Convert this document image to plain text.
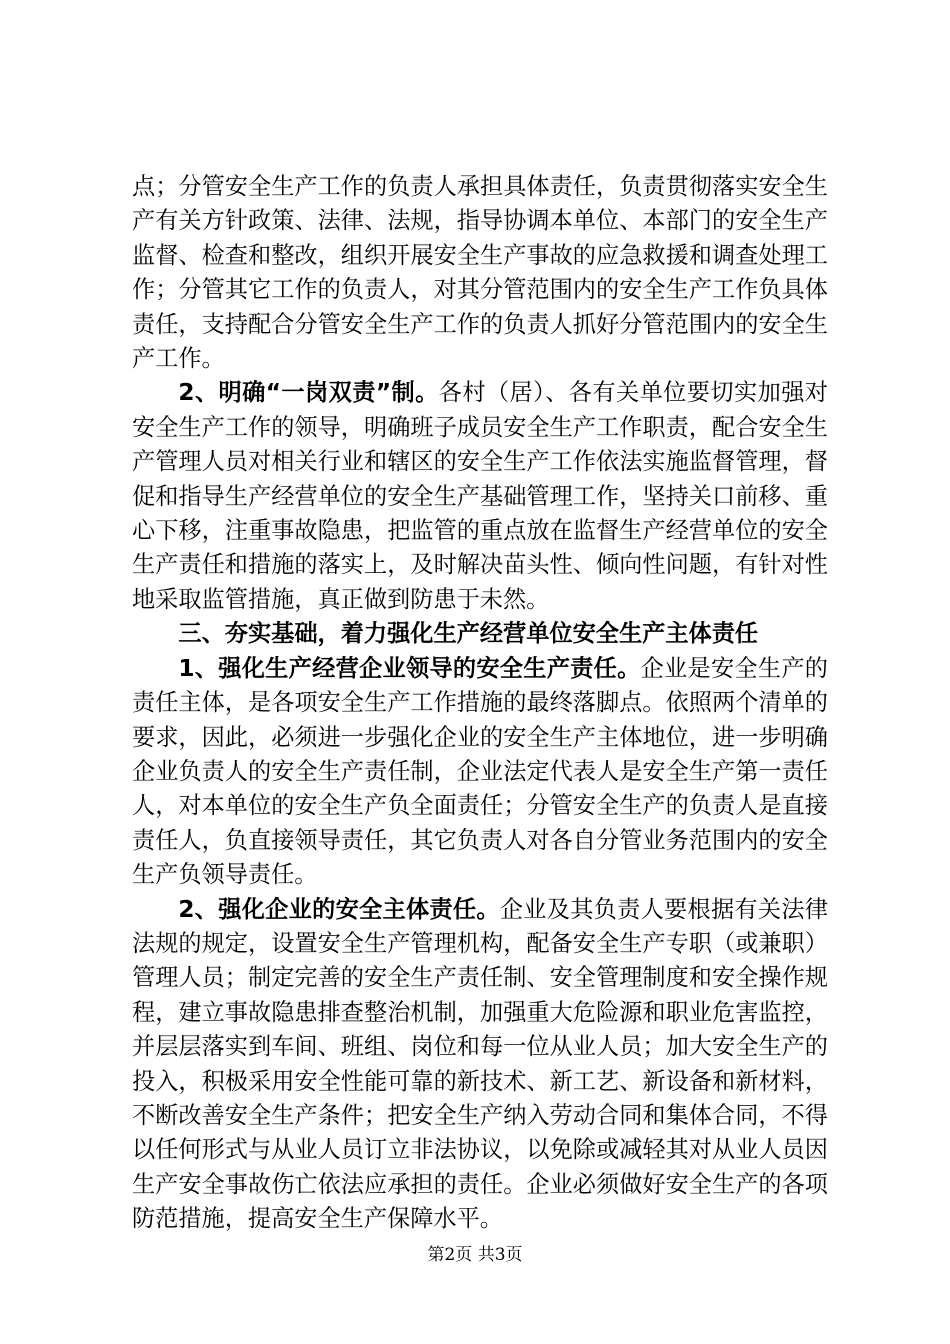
点；分管安全生产工作的负责人承担具体责任，负责贯彻落实安全生产有关方针政策、法律、法规，指导协调本单位、本部门的安全生产监督、检查和整改，组织开展安全生产事故的应急救援和调查处理工作；分管其它工作的负责人，对其分管范围内的安全生产工作负具体责任，支持配合分管安全生产工作的负责人抓好分管范围内的安全生产工作。

2、明确“一岗双责”制。各村（居）、各有关单位要切实加强对安全生产工作的领导，明确班子成员安全生产工作职责，配合安全生产管理人员对相关行业和辖区的安全生产工作依法实施监督管理，督促和指导生产经营单位的安全生产基础管理工作，坚持关口前移、重心下移，注重事故隐患，把监管的重点放在监督生产经营单位的安全生产责任和措施的落实上，及时解决苗头性、倾向性问题，有针对性地采取监管措施，真正做到防患于未然。

三、夯实基础，着力强化生产经营单位安全生产主体责任

1、强化生产经营企业领导的安全生产责任。企业是安全生产的责任主体，是各项安全生产工作措施的最终落脚点。依照两个清单的要求，因此，必须进一步强化企业的安全生产主体地位，进一步明确企业负责人的安全生产责任制，企业法定代表人是安全生产第一责任人，对本单位的安全生产负全面责任；分管安全生产的负责人是直接责任人，负直接领导责任，其它负责人对各自分管业务范围内的安全生产负领导责任。

2、强化企业的安全主体责任。企业及其负责人要根据有关法律法规的规定，设置安全生产管理机构，配备安全生产专职（或兼职）管理人员；制定完善的安全生产责任制、安全管理制度和安全操作规程，建立事故隐患排查整治机制，加强重大危险源和职业危害监控，并层层落实到车间、班组、岗位和每一位从业人员；加大安全生产的投入，积极采用安全性能可靠的新技术、新工艺、新设备和新材料，不断改善安全生产条件；把安全生产纳入劳动合同和集体合同，不得以任何形式与从业人员订立非法协议，以免除或减轻其对从业人员因生产安全事故伤亡依法应承担的责任。企业必须做好安全生产的各项防范措施，提高安全生产保障水平。

第2页 共3页
